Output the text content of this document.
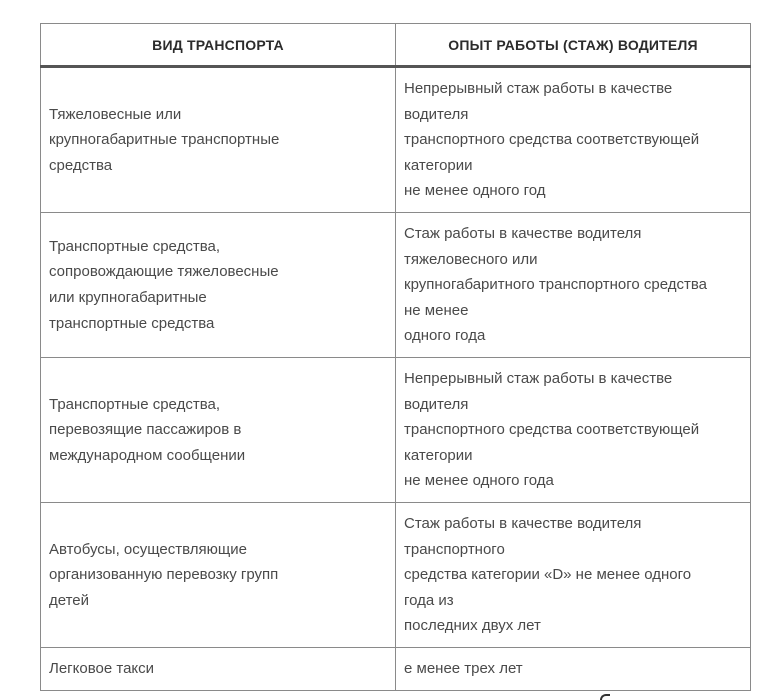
ВИД ТРАНСПОРТА	ОПЫТ РАБОТЫ (СТАЖ) ВОДИТЕЛЯ

Тяжеловесные или
крупногабаритные транспортные
средства	Непрерывный стаж работы в качестве
водителя
транспортного средства соответствующей
категории
не менее одного год

Транспортные средства,
сопровождающие тяжеловесные
или крупногабаритные
транспортные средства	Стаж работы в качестве водителя
тяжеловесного или
крупногабаритного транспортного средства
не менее
одного года

Транспортные средства,
перевозящие пассажиров в
международном сообщении	Непрерывный стаж работы в качестве
водителя
транспортного средства соответствующей
категории
не менее одного года

Автобусы, осуществляющие
организованную перевозку групп
детей	Стаж работы в качестве водителя
транспортного
средства категории «D» не менее одного
года из
последних двух лет

Легковое такси	е менее трех лет
